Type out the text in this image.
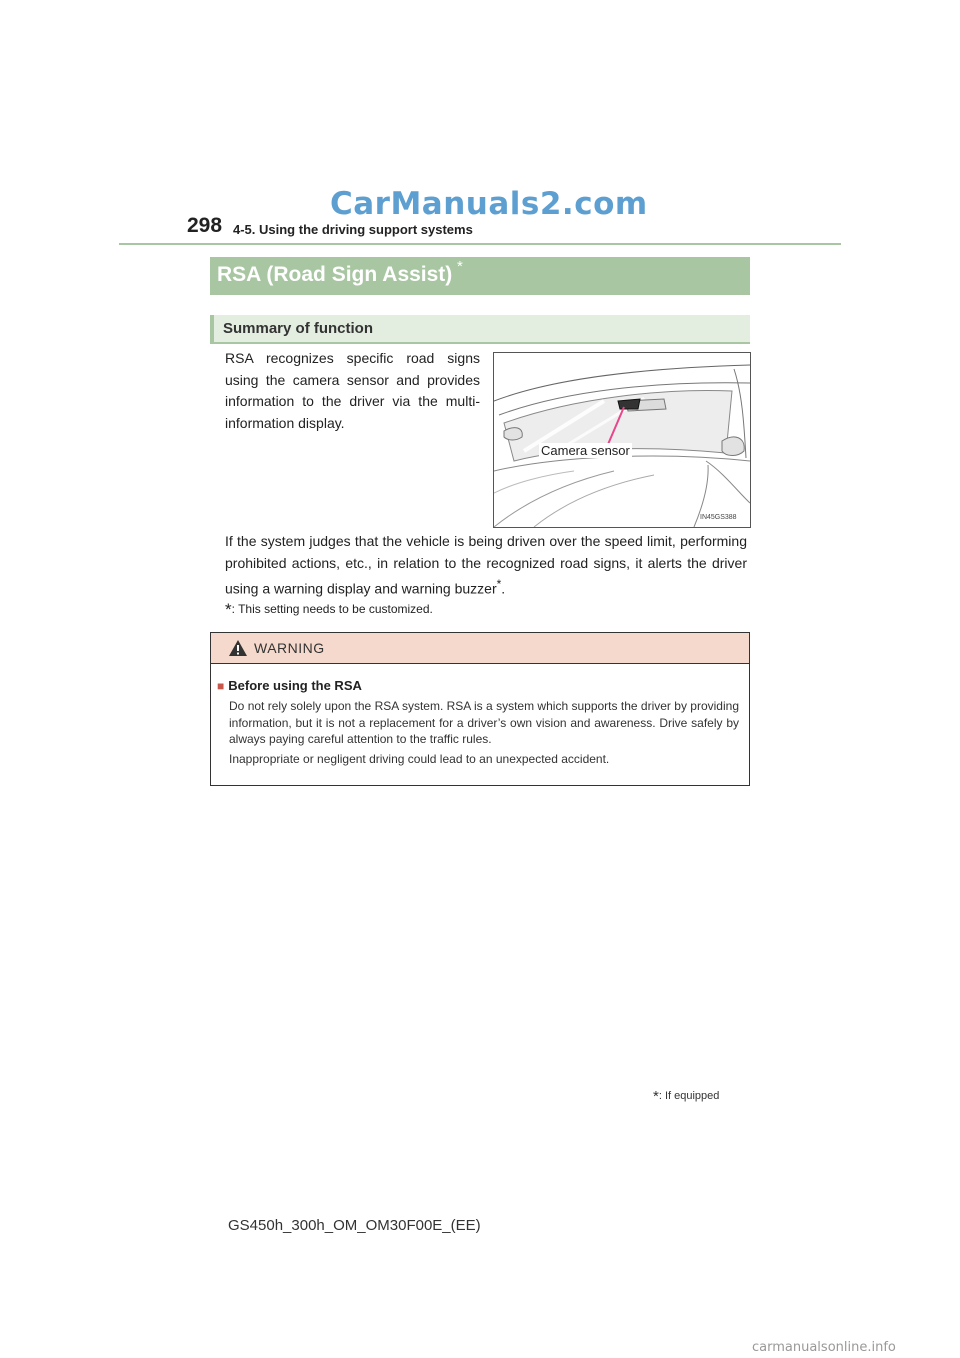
CarManuals2.com
298 4-5. Using the driving support systems
RSA (Road Sign Assist) *
Summary of function
RSA recognizes specific road signs using the camera sensor and provides information to the driver via the multi-information display.
Camera sensor
IN45GS388
If the system judges that the vehicle is being driven over the speed limit, performing prohibited actions, etc., in relation to the recognized road signs, it alerts the driver using a warning display and warning buzzer*.
*: This setting needs to be customized.
WARNING
■ Before using the RSA
Do not rely solely upon the RSA system. RSA is a system which supports the driver by providing information, but it is not a replacement for a driver’s own vision and awareness. Drive safely by always paying careful attention to the traffic rules.
Inappropriate or negligent driving could lead to an unexpected accident.
*: If equipped
GS450h_300h_OM_OM30F00E_(EE)
carmanualsonline.info
